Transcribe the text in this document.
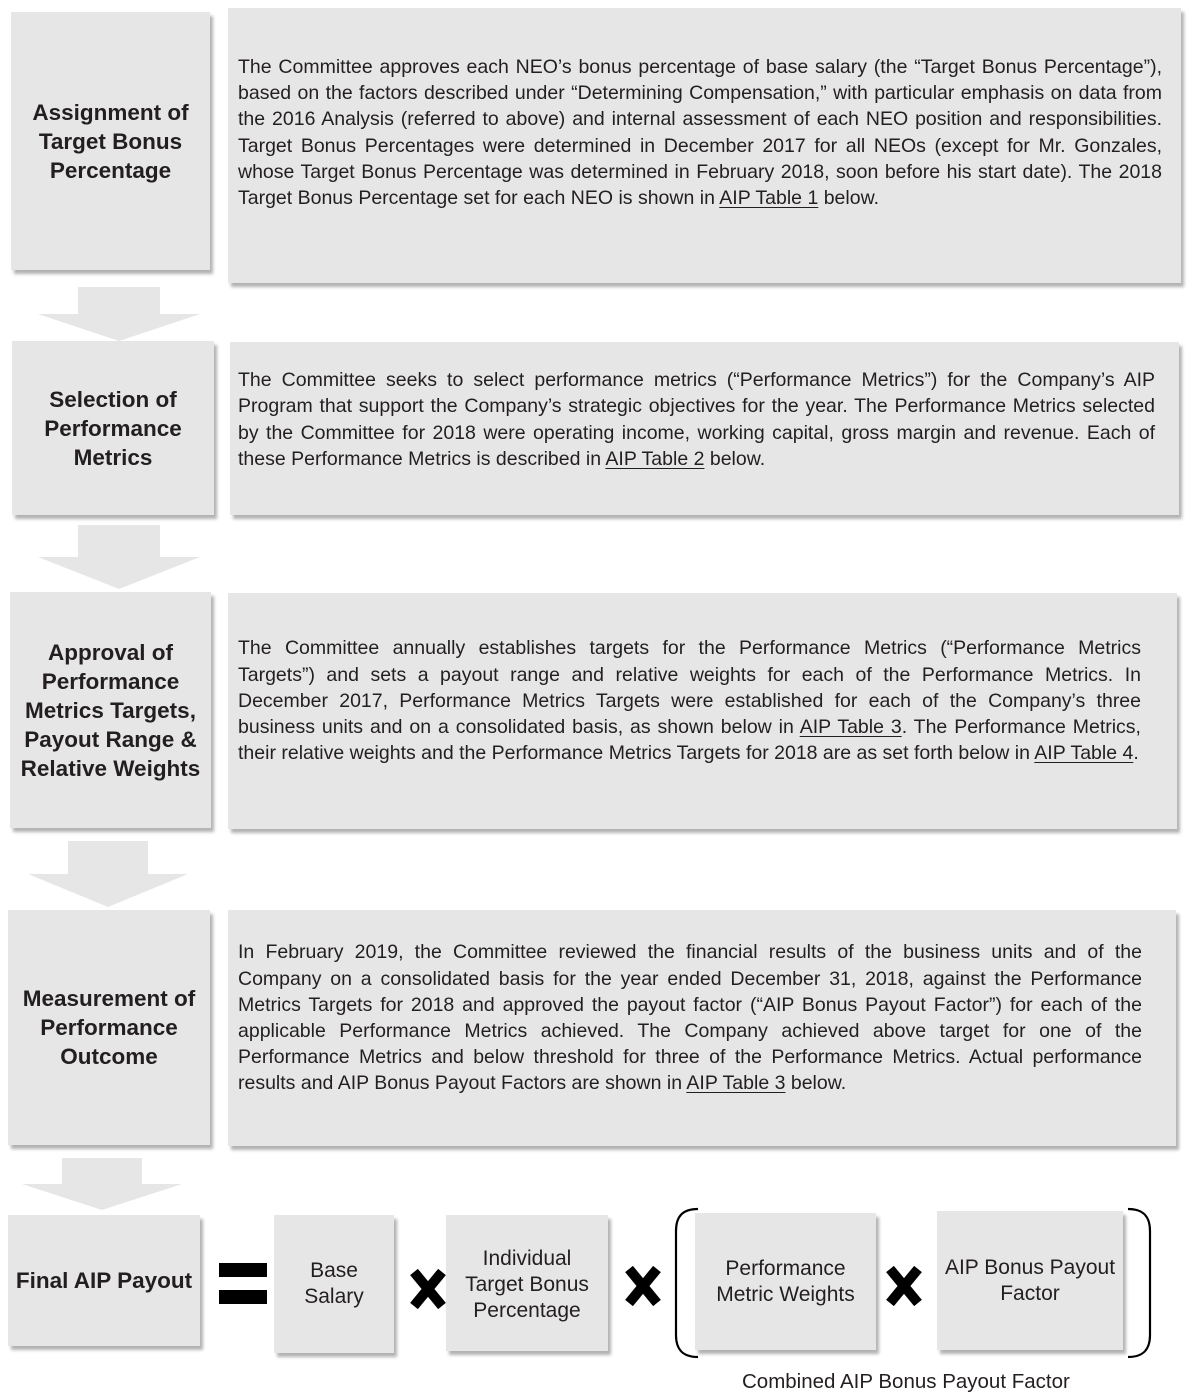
Assignment of Target Bonus Percentage

The Committee approves each NEO’s bonus percentage of base salary (the “Target Bonus Percentage”), based on the factors described under “Determining Compensation,” with particular emphasis on data from the 2016 Analysis (referred to above) and internal assessment of each NEO position and responsibilities. Target Bonus Percentages were determined in December 2017 for all NEOs (except for Mr. Gonzales, whose Target Bonus Percentage was determined in February 2018, soon before his start date). The 2018 Target Bonus Percentage set for each NEO is shown in AIP Table 1 below.

Selection of Performance Metrics

The Committee seeks to select performance metrics (“Performance Metrics”) for the Company’s AIP Program that support the Company’s strategic objectives for the year. The Performance Metrics selected by the Committee for 2018 were operating income, working capital, gross margin and revenue. Each of these Performance Metrics is described in AIP Table 2 below.

Approval of Performance Metrics Targets, Payout Range & Relative Weights

The Committee annually establishes targets for the Performance Metrics (“Performance Metrics Targets”) and sets a payout range and relative weights for each of the Performance Metrics. In December 2017, Performance Metrics Targets were established for each of the Company’s three business units and on a consolidated basis, as shown below in AIP Table 3. The Performance Metrics, their relative weights and the Performance Metrics Targets for 2018 are as set forth below in AIP Table 4.

Measurement of Performance Outcome

In February 2019, the Committee reviewed the financial results of the business units and of the Company on a consolidated basis for the year ended December 31, 2018, against the Performance Metrics Targets for 2018 and approved the payout factor (“AIP Bonus Payout Factor”) for each of the applicable Performance Metrics achieved. The Company achieved above target for one of the Performance Metrics and below threshold for three of the Performance Metrics. Actual performance results and AIP Bonus Payout Factors are shown in AIP Table 3 below.

Final AIP Payout	Base Salary
Individual Target Bonus Percentage
Performance Metric Weights
AIP Bonus Payout Factor
Combined AIP Bonus Payout Factor
